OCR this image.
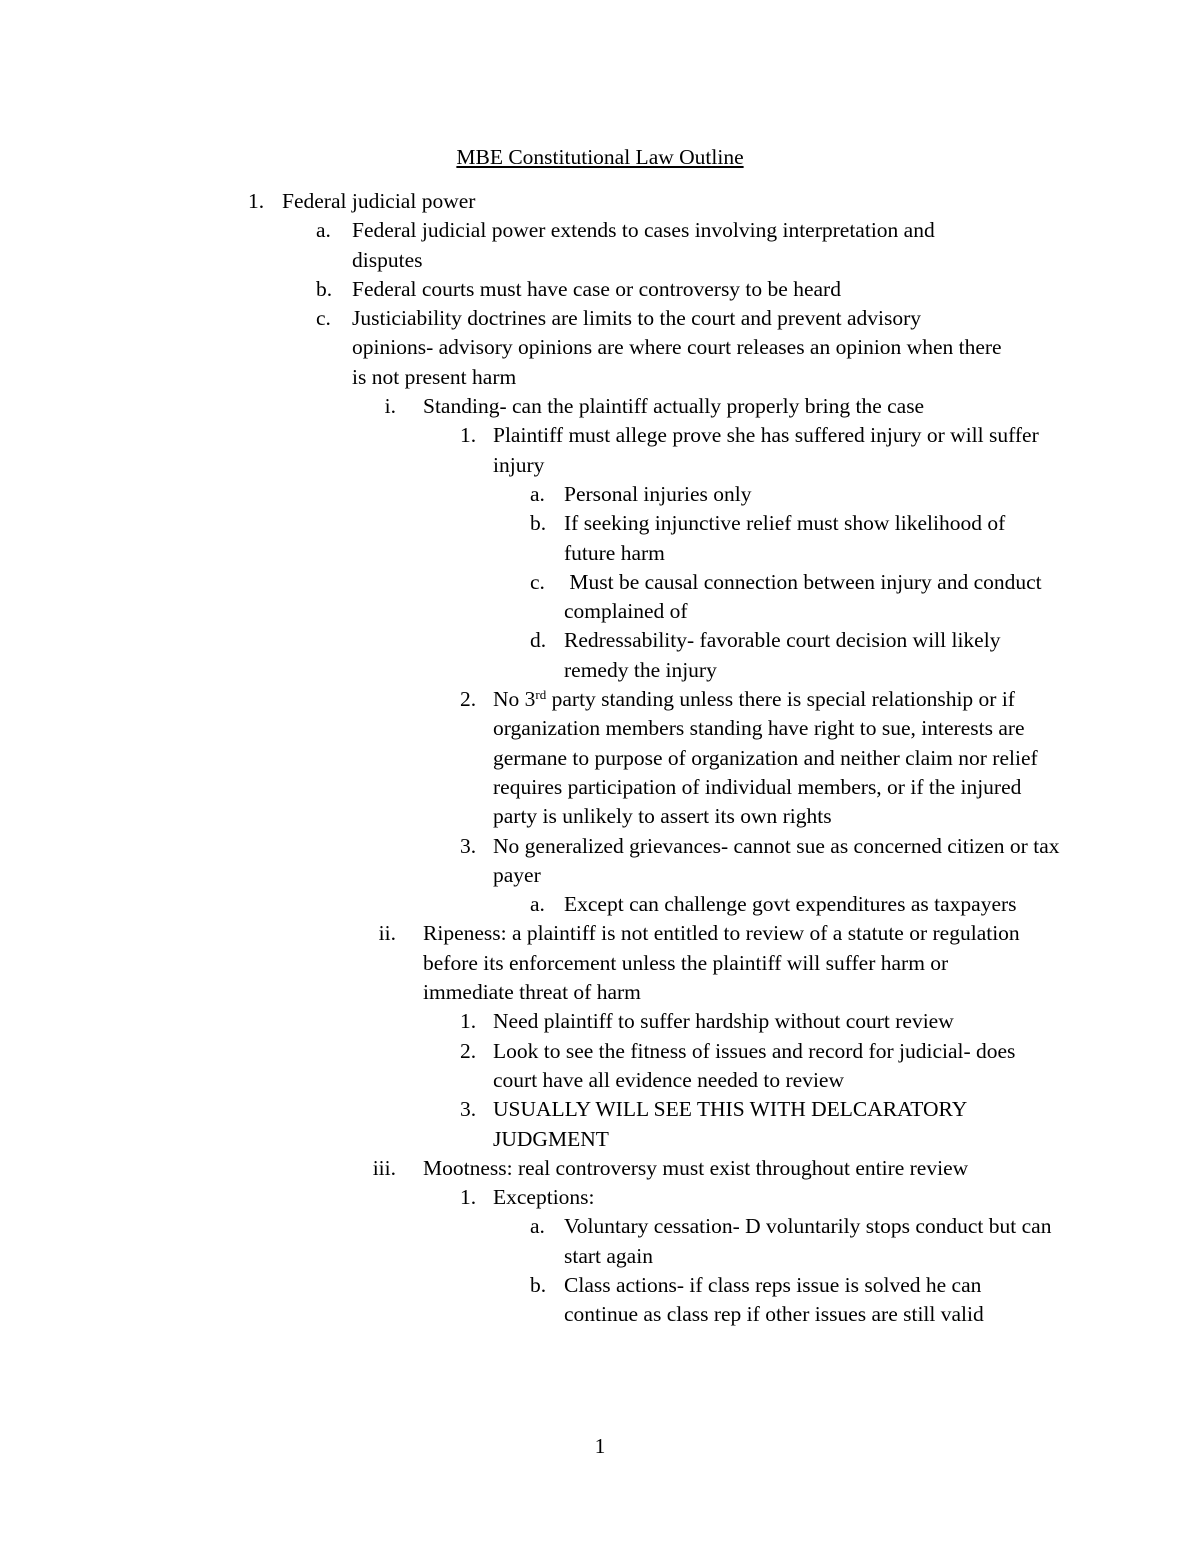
MBE Constitutional Law Outline
1. Federal judicial power
a. Federal judicial power extends to cases involving interpretation and disputes
b. Federal courts must have case or controversy to be heard
c. Justiciability doctrines are limits to the court and prevent advisory opinions- advisory opinions are where court releases an opinion when there is not present harm
i. Standing- can the plaintiff actually properly bring the case
1. Plaintiff must allege prove she has suffered injury or will suffer injury
a. Personal injuries only
b. If seeking injunctive relief must show likelihood of future harm
c. Must be causal connection between injury and conduct complained of
d. Redressability- favorable court decision will likely remedy the injury
2. No 3rd party standing unless there is special relationship or if organization members standing have right to sue, interests are germane to purpose of organization and neither claim nor relief requires participation of individual members, or if the injured party is unlikely to assert its own rights
3. No generalized grievances- cannot sue as concerned citizen or tax payer
a. Except can challenge govt expenditures as taxpayers
ii. Ripeness: a plaintiff is not entitled to review of a statute or regulation before its enforcement unless the plaintiff will suffer harm or immediate threat of harm
1. Need plaintiff to suffer hardship without court review
2. Look to see the fitness of issues and record for judicial- does court have all evidence needed to review
3. USUALLY WILL SEE THIS WITH DELCARATORY JUDGMENT
iii. Mootness: real controversy must exist throughout entire review
1. Exceptions:
a. Voluntary cessation- D voluntarily stops conduct but can start again
b. Class actions- if class reps issue is solved he can continue as class rep if other issues are still valid
1
